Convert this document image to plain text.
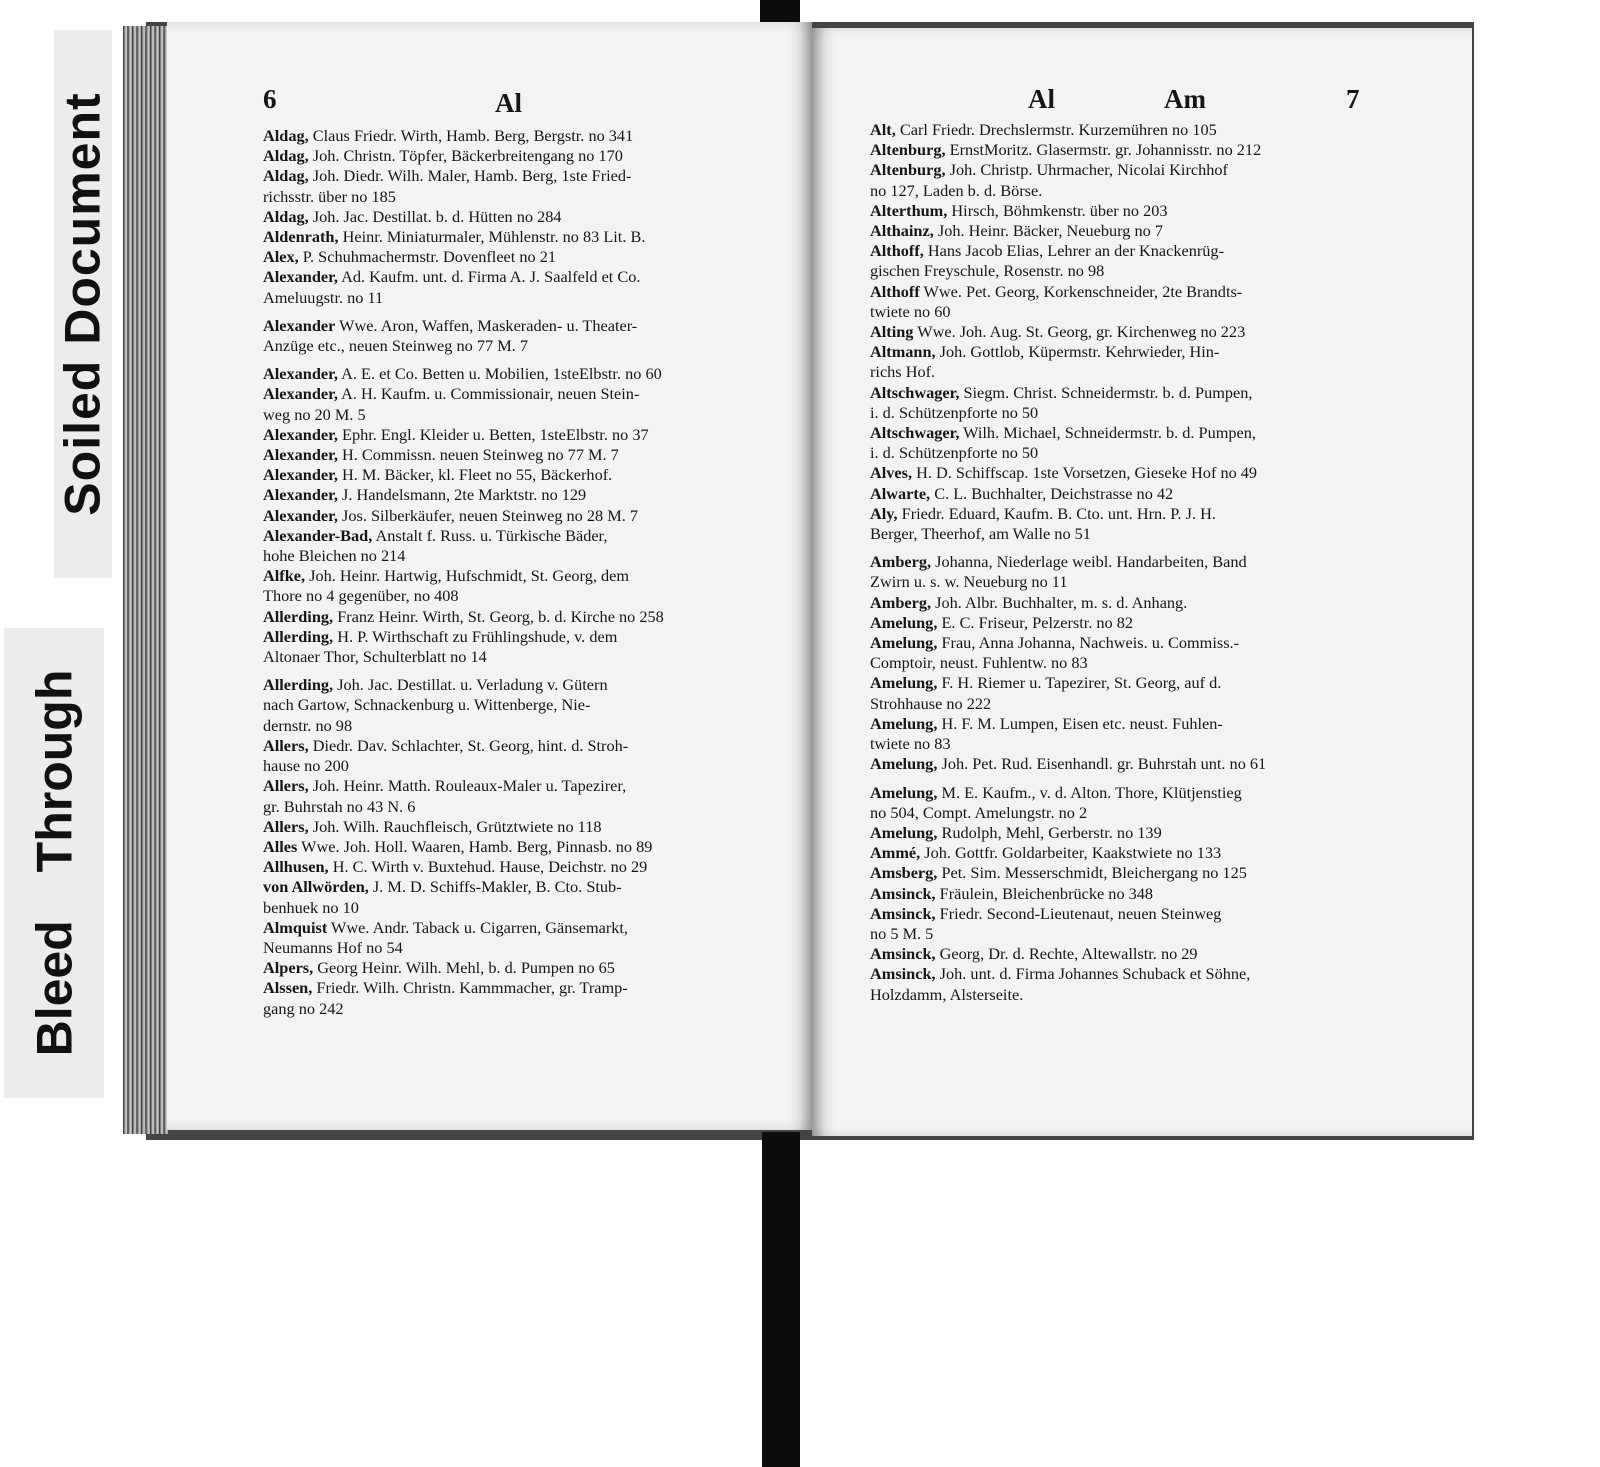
Soiled Document
Bleed Through
6	Al
Aldag, Claus Friedr. Wirth, Hamb. Berg, Bergstr. no 341
Aldag, Joh. Christn. Töpfer, Bäckerbreitengang no 170
Aldag, Joh. Diedr. Wilh. Maler, Hamb. Berg, 1ste Fried-
richsstr. über no 185
Aldag, Joh. Jac. Destillat. b. d. Hütten no 284
Aldenrath, Heinr. Miniaturmaler, Mühlenstr. no 83 Lit. B.
Alex, P. Schuhmachermstr. Dovenfleet no 21
Alexander, Ad. Kaufm. unt. d. Firma A. J. Saalfeld et Co.
Ameluugstr. no 11
Alexander Wwe. Aron, Waffen, Maskeraden- u. Theater-
Anzüge etc., neuen Steinweg no 77 M. 7
Alexander, A. E. et Co. Betten u. Mobilien, 1steElbstr. no 60
Alexander, A. H. Kaufm. u. Commissionair, neuen Stein-
weg no 20 M. 5
Alexander, Ephr. Engl. Kleider u. Betten, 1steElbstr. no 37
Alexander, H. Commissn. neuen Steinweg no 77 M. 7
Alexander, H. M. Bäcker, kl. Fleet no 55, Bäckerhof.
Alexander, J. Handelsmann, 2te Marktstr. no 129
Alexander, Jos. Silberkäufer, neuen Steinweg no 28 M. 7
Alexander-Bad, Anstalt f. Russ. u. Türkische Bäder,
hohe Bleichen no 214
Alfke, Joh. Heinr. Hartwig, Hufschmidt, St. Georg, dem
Thore no 4 gegenüber, no 408
Allerding, Franz Heinr. Wirth, St. Georg, b. d. Kirche no 258
Allerding, H. P. Wirthschaft zu Frühlingshude, v. dem
Altonaer Thor, Schulterblatt no 14
Allerding, Joh. Jac. Destillat. u. Verladung v. Gütern
nach Gartow, Schnackenburg u. Wittenberge, Nie-
dernstr. no 98
Allers, Diedr. Dav. Schlachter, St. Georg, hint. d. Stroh-
hause no 200
Allers, Joh. Heinr. Matth. Rouleaux-Maler u. Tapezirer,
gr. Buhrstah no 43 N. 6
Allers, Joh. Wilh. Rauchfleisch, Grütztwiete no 118
Alles Wwe. Joh. Holl. Waaren, Hamb. Berg, Pinnasb. no 89
Allhusen, H. C. Wirth v. Buxtehud. Hause, Deichstr. no 29
von Allwörden, J. M. D. Schiffs-Makler, B. Cto. Stub-
benhuek no 10
Almquist Wwe. Andr. Taback u. Cigarren, Gänsemarkt,
Neumanns Hof no 54
Alpers, Georg Heinr. Wilh. Mehl, b. d. Pumpen no 65
Alssen, Friedr. Wilh. Christn. Kammmacher, gr. Tramp-
gang no 242
Al	Am	7
Alt, Carl Friedr. Drechslermstr. Kurzemühren no 105
Altenburg, ErnstMoritz. Glasermstr. gr. Johannisstr. no 212
Altenburg, Joh. Christp. Uhrmacher, Nicolai Kirchhof
no 127, Laden b. d. Börse.
Alterthum, Hirsch, Böhmkenstr. über no 203
Althainz, Joh. Heinr. Bäcker, Neueburg no 7
Althoff, Hans Jacob Elias, Lehrer an der Knackenrüg-
gischen Freyschule, Rosenstr. no 98
Althoff Wwe. Pet. Georg, Korkenschneider, 2te Brandts-
twiete no 60
Alting Wwe. Joh. Aug. St. Georg, gr. Kirchenweg no 223
Altmann, Joh. Gottlob, Küpermstr. Kehrwieder, Hin-
richs Hof.
Altschwager, Siegm. Christ. Schneidermstr. b. d. Pumpen,
i. d. Schützenpforte no 50
Altschwager, Wilh. Michael, Schneidermstr. b. d. Pumpen,
i. d. Schützenpforte no 50
Alves, H. D. Schiffscap. 1ste Vorsetzen, Gieseke Hof no 49
Alwarte, C. L. Buchhalter, Deichstrasse no 42
Aly, Friedr. Eduard, Kaufm. B. Cto. unt. Hrn. P. J. H.
Berger, Theerhof, am Walle no 51
Amberg, Johanna, Niederlage weibl. Handarbeiten, Band
Zwirn u. s. w. Neueburg no 11
Amberg, Joh. Albr. Buchhalter, m. s. d. Anhang.
Amelung, E. C. Friseur, Pelzerstr. no 82
Amelung, Frau, Anna Johanna, Nachweis. u. Commiss.-
Comptoir, neust. Fuhlentw. no 83
Amelung, F. H. Riemer u. Tapezirer, St. Georg, auf d.
Strohhause no 222
Amelung, H. F. M. Lumpen, Eisen etc. neust. Fuhlen-
twiete no 83
Amelung, Joh. Pet. Rud. Eisenhandl. gr. Buhrstah unt. no 61
Amelung, M. E. Kaufm., v. d. Alton. Thore, Klütjenstieg
no 504, Compt. Amelungstr. no 2
Amelung, Rudolph, Mehl, Gerberstr. no 139
Ammé, Joh. Gottfr. Goldarbeiter, Kaakstwiete no 133
Amsberg, Pet. Sim. Messerschmidt, Bleichergang no 125
Amsinck, Fräulein, Bleichenbrücke no 348
Amsinck, Friedr. Second-Lieutenaut, neuen Steinweg
no 5 M. 5
Amsinck, Georg, Dr. d. Rechte, Altewallstr. no 29
Amsinck, Joh. unt. d. Firma Johannes Schuback et Söhne,
Holzdamm, Alsterseite.
